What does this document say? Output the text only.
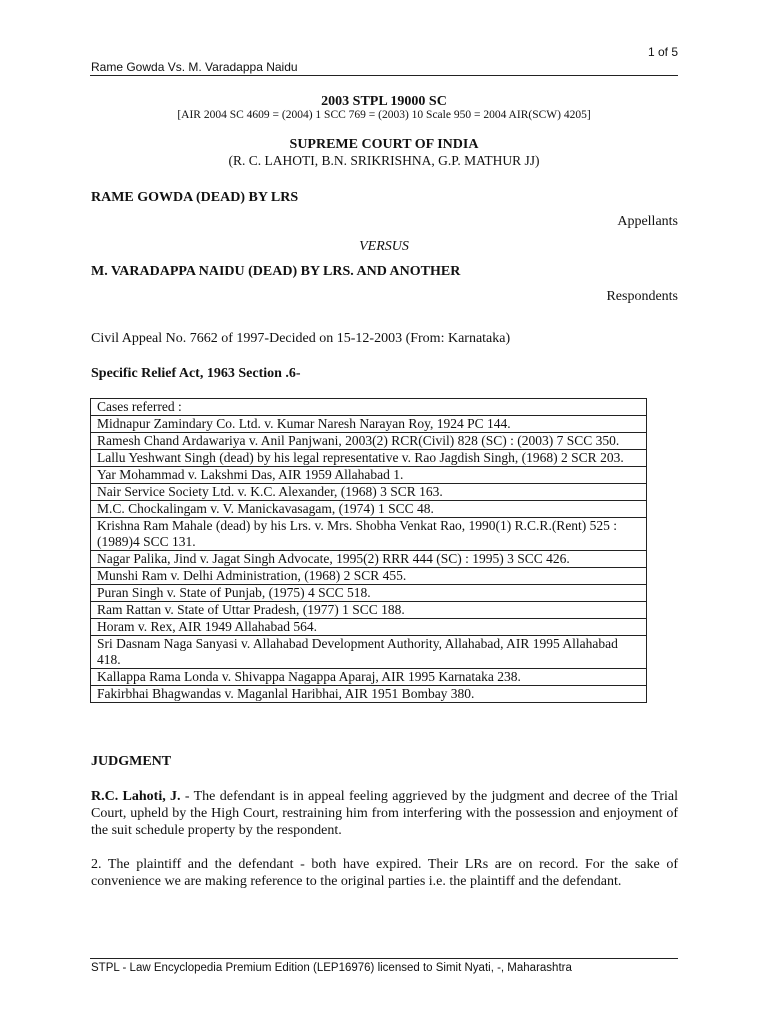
1 of 5
Rame Gowda Vs. M. Varadappa Naidu
2003 STPL 19000 SC
[AIR 2004 SC 4609 = (2004) 1 SCC 769 = (2003) 10 Scale 950 = 2004 AIR(SCW) 4205]
SUPREME COURT OF INDIA
(R. C. LAHOTI, B.N. SRIKRISHNA, G.P. MATHUR JJ)
RAME GOWDA (DEAD) BY LRS
Appellants
VERSUS
M. VARADAPPA NAIDU (DEAD) BY LRS. AND ANOTHER
Respondents
Civil Appeal No. 7662 of 1997-Decided on 15-12-2003 (From: Karnataka)
Specific Relief Act, 1963 Section .6-
Cases referred :
Midnapur Zamindary Co. Ltd. v. Kumar Naresh Narayan Roy, 1924 PC 144.
Ramesh Chand Ardawariya v. Anil Panjwani, 2003(2) RCR(Civil) 828 (SC) : (2003) 7 SCC 350.
Lallu Yeshwant Singh (dead) by his legal representative v. Rao Jagdish Singh, (1968) 2 SCR 203.
Yar Mohammad v. Lakshmi Das, AIR 1959 Allahabad 1.
Nair Service Society Ltd. v. K.C. Alexander, (1968) 3 SCR 163.
M.C. Chockalingam v. V. Manickavasagam, (1974) 1 SCC 48.
Krishna Ram Mahale (dead) by his Lrs. v. Mrs. Shobha Venkat Rao, 1990(1) R.C.R.(Rent) 525 : (1989)4 SCC 131.
Nagar Palika, Jind v. Jagat Singh Advocate, 1995(2) RRR 444 (SC) : 1995) 3 SCC 426.
Munshi Ram v. Delhi Administration, (1968) 2 SCR 455.
Puran Singh v. State of Punjab, (1975) 4 SCC 518.
Ram Rattan v. State of Uttar Pradesh, (1977) 1 SCC 188.
Horam v. Rex, AIR 1949 Allahabad 564.
Sri Dasnam Naga Sanyasi v. Allahabad Development Authority, Allahabad, AIR 1995 Allahabad 418.
Kallappa Rama Londa v. Shivappa Nagappa Aparaj, AIR 1995 Karnataka 238.
Fakirbhai Bhagwandas v. Maganlal Haribhai, AIR 1951 Bombay 380.
JUDGMENT

R.C. Lahoti, J. - The defendant is in appeal feeling aggrieved by the judgment and decree of the Trial Court, upheld by the High Court, restraining him from interfering with the possession and enjoyment of the suit schedule property by the respondent.

2. The plaintiff and the defendant - both have expired. Their LRs are on record. For the sake of convenience we are making reference to the original parties i.e. the plaintiff and the defendant.

STPL - Law Encyclopedia Premium Edition (LEP16976) licensed to Simit Nyati, -, Maharashtra
